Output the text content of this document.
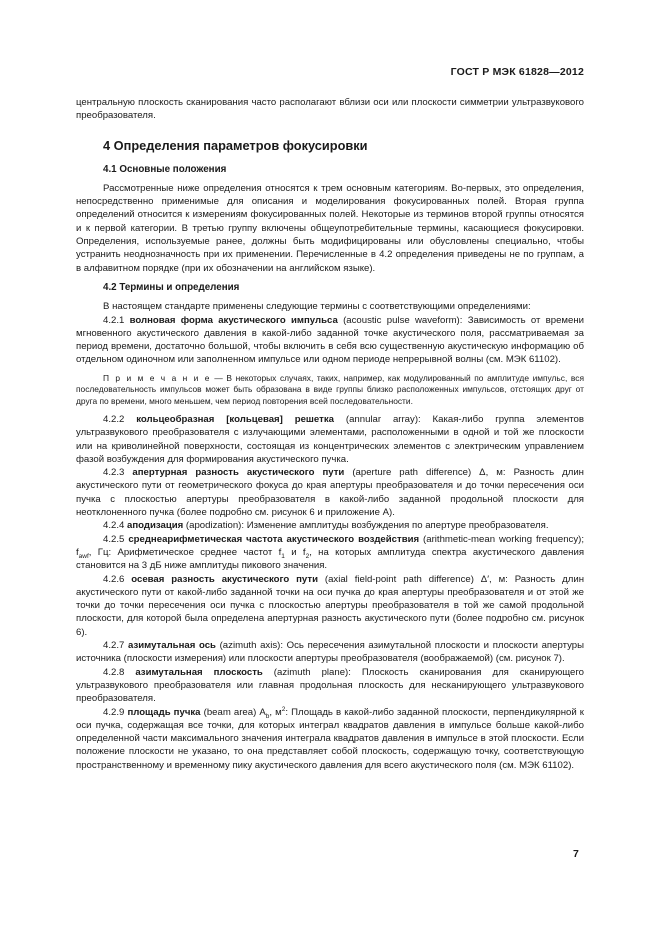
ГОСТ Р МЭК 61828—2012

центральную плоскость сканирования часто располагают вблизи оси или плоскости симметрии ультразвукового преобразователя.

4 Определения параметров фокусировки
4.1 Основные положения

Рассмотренные ниже определения относятся к трем основным категориям. Во-первых, это определения, непосредственно применимые для описания и моделирования фокусированных полей. Вторая группа определений относится к измерениям фокусированных полей. Некоторые из терминов второй группы относятся и к первой категории. В третью группу включены общеупотребительные термины, касающиеся фокусировки. Определения, используемые ранее, должны быть модифицированы или обусловлены специально, чтобы устранить неоднозначность при их применении. Перечисленные в 4.2 определения приведены не по группам, а в алфавитном порядке (при их обозначении на английском языке).

4.2 Термины и определения

В настоящем стандарте применены следующие термины с соответствующими определениями:

4.2.1 волновая форма акустического импульса (acoustic pulse waveform): Зависимость от времени мгновенного акустического давления в какой-либо заданной точке акустического поля, рассматриваемая за период времени, достаточно большой, чтобы включить в себя всю существенную акустическую информацию об отдельном одиночном или заполненном импульсе или одном периоде непрерывной волны (см. МЭК 61102).

П р и м е ч а н и е — В некоторых случаях, таких, например, как модулированный по амплитуде импульс, вся последовательность импульсов может быть образована в виде группы близко расположенных импульсов, отстоящих друг от друга по времени, много меньшем, чем период повторения всей последовательности.

4.2.2 кольцеобразная [кольцевая] решетка (annular array): Какая-либо группа элементов ультразвукового преобразователя с излучающими элементами, расположенными в одной и той же плоскости или на криволинейной поверхности, состоящая из концентрических элементов с электрическим управлением фазой возбуждения для формирования акустического пучка.

4.2.3 апертурная разность акустического пути (aperture path difference) Δ, м: Разность длин акустического пути от геометрического фокуса до края апертуры преобразователя и до точки пересечения оси пучка с плоскостью апертуры преобразователя в какой-либо заданной продольной плоскости для неотклоненного пучка (более подробно см. рисунок 6 и приложение А).

4.2.4 аподизация (apodization): Изменение амплитуды возбуждения по апертуре преобразователя.

4.2.5 среднеарифметическая частота акустического воздействия (arithmetic-mean working frequency); $f_{awf}$, Гц: Арифметическое среднее частот $f_1$ и $f_2$, на которых амплитуда спектра акустического давления становится на 3 дБ ниже амплитуды пикового значения.

4.2.6 осевая разность акустического пути (axial field-point path difference) Δ′, м: Разность длин акустического пути от какой-либо заданной точки на оси пучка до края апертуры преобразователя и от этой же точки до точки пересечения оси пучка с плоскостью апертуры преобразователя в той же самой продольной плоскости, для которой была определена апертурная разность акустического пути (более подробно см. рисунок 6).

4.2.7 азимутальная ось (azimuth axis): Ось пересечения азимутальной плоскости и плоскости апертуры источника (плоскости измерения) или плоскости апертуры преобразователя (воображаемой) (см. рисунок 7).

4.2.8 азимутальная плоскость (azimuth plane): Плоскость сканирования для сканирующего ультразвукового преобразователя или главная продольная плоскость для несканирующего ультразвукового преобразователя.

4.2.9 площадь пучка (beam area) $A_b$, $м^2$: Площадь в какой-либо заданной плоскости, перпендикулярной к оси пучка, содержащая все точки, для которых интеграл квадратов давления в импульсе больше какой-либо определенной части максимального значения интеграла квадратов давления в импульсе в этой плоскости. Если положение плоскости не указано, то она представляет собой плоскость, содержащую точку, соответствующую пространственному и временному пику акустического давления для всего акустического поля (см. МЭК 61102).

7
